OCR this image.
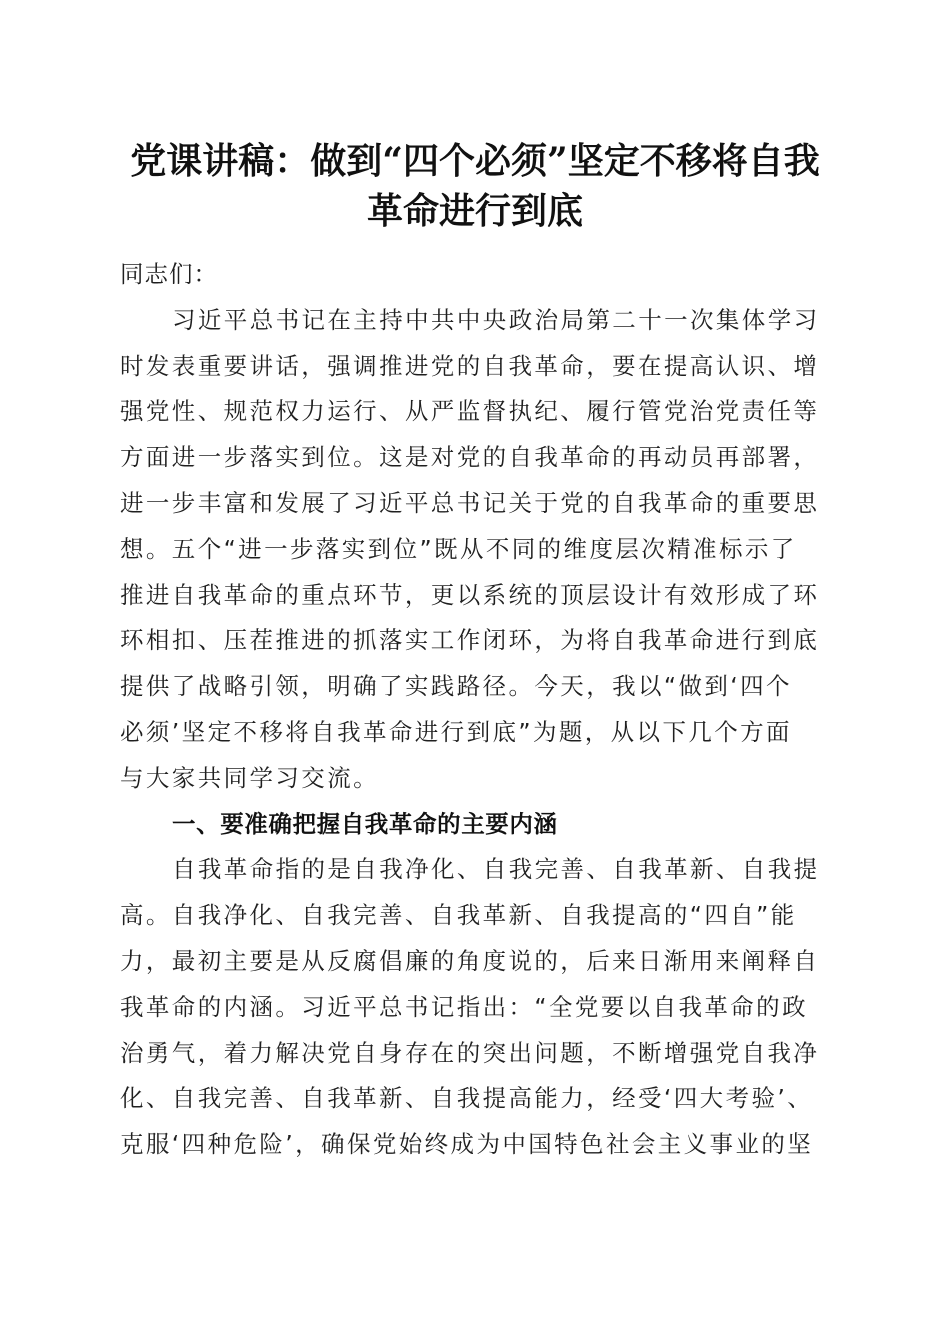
党课讲稿：做到“四个必须”坚定不移将自我
革命进行到底
同志们：
习近平总书记在主持中共中央政治局第二十一次集体学习
时发表重要讲话，强调推进党的自我革命，要在提高认识、增
强党性、规范权力运行、从严监督执纪、履行管党治党责任等
方面进一步落实到位。这是对党的自我革命的再动员再部署，
进一步丰富和发展了习近平总书记关于党的自我革命的重要思
想。五个“进一步落实到位”既从不同的维度层次精准标示了
推进自我革命的重点环节，更以系统的顶层设计有效形成了环
环相扣、压茬推进的抓落实工作闭环，为将自我革命进行到底
提供了战略引领，明确了实践路径。今天，我以“做到‘四个
必须’坚定不移将自我革命进行到底”为题，从以下几个方面
与大家共同学习交流。
一、要准确把握自我革命的主要内涵
自我革命指的是自我净化、自我完善、自我革新、自我提
高。自我净化、自我完善、自我革新、自我提高的“四自”能
力，最初主要是从反腐倡廉的角度说的，后来日渐用来阐释自
我革命的内涵。习近平总书记指出：“全党要以自我革命的政
治勇气，着力解决党自身存在的突出问题，不断增强党自我净
化、自我完善、自我革新、自我提高能力，经受‘四大考验’、
克服‘四种危险’，确保党始终成为中国特色社会主义事业的坚
